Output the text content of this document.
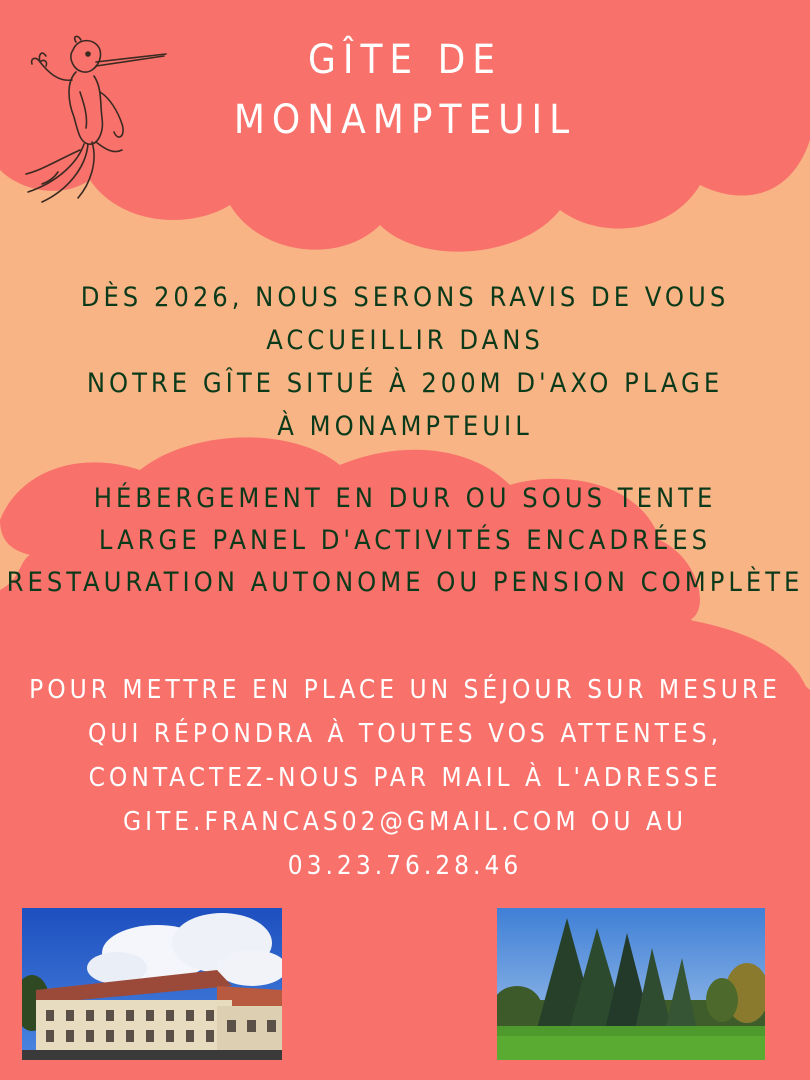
GÎTE DE
MONAMPTEUIL
DÈS 2026, NOUS SERONS RAVIS DE VOUS
ACCUEILLIR DANS
NOTRE GÎTE SITUÉ À 200M D'AXO PLAGE
À MONAMPTEUIL
HÉBERGEMENT EN DUR OU SOUS TENTE
LARGE PANEL D'ACTIVITÉS ENCADRÉES
RESTAURATION AUTONOME OU PENSION COMPLÈTE
POUR METTRE EN PLACE UN SÉJOUR SUR MESURE
QUI RÉPONDRA À TOUTES VOS ATTENTES,
CONTACTEZ-NOUS PAR MAIL À L'ADRESSE
GITE.FRANCAS02@GMAIL.COM OU AU
03.23.76.28.46
